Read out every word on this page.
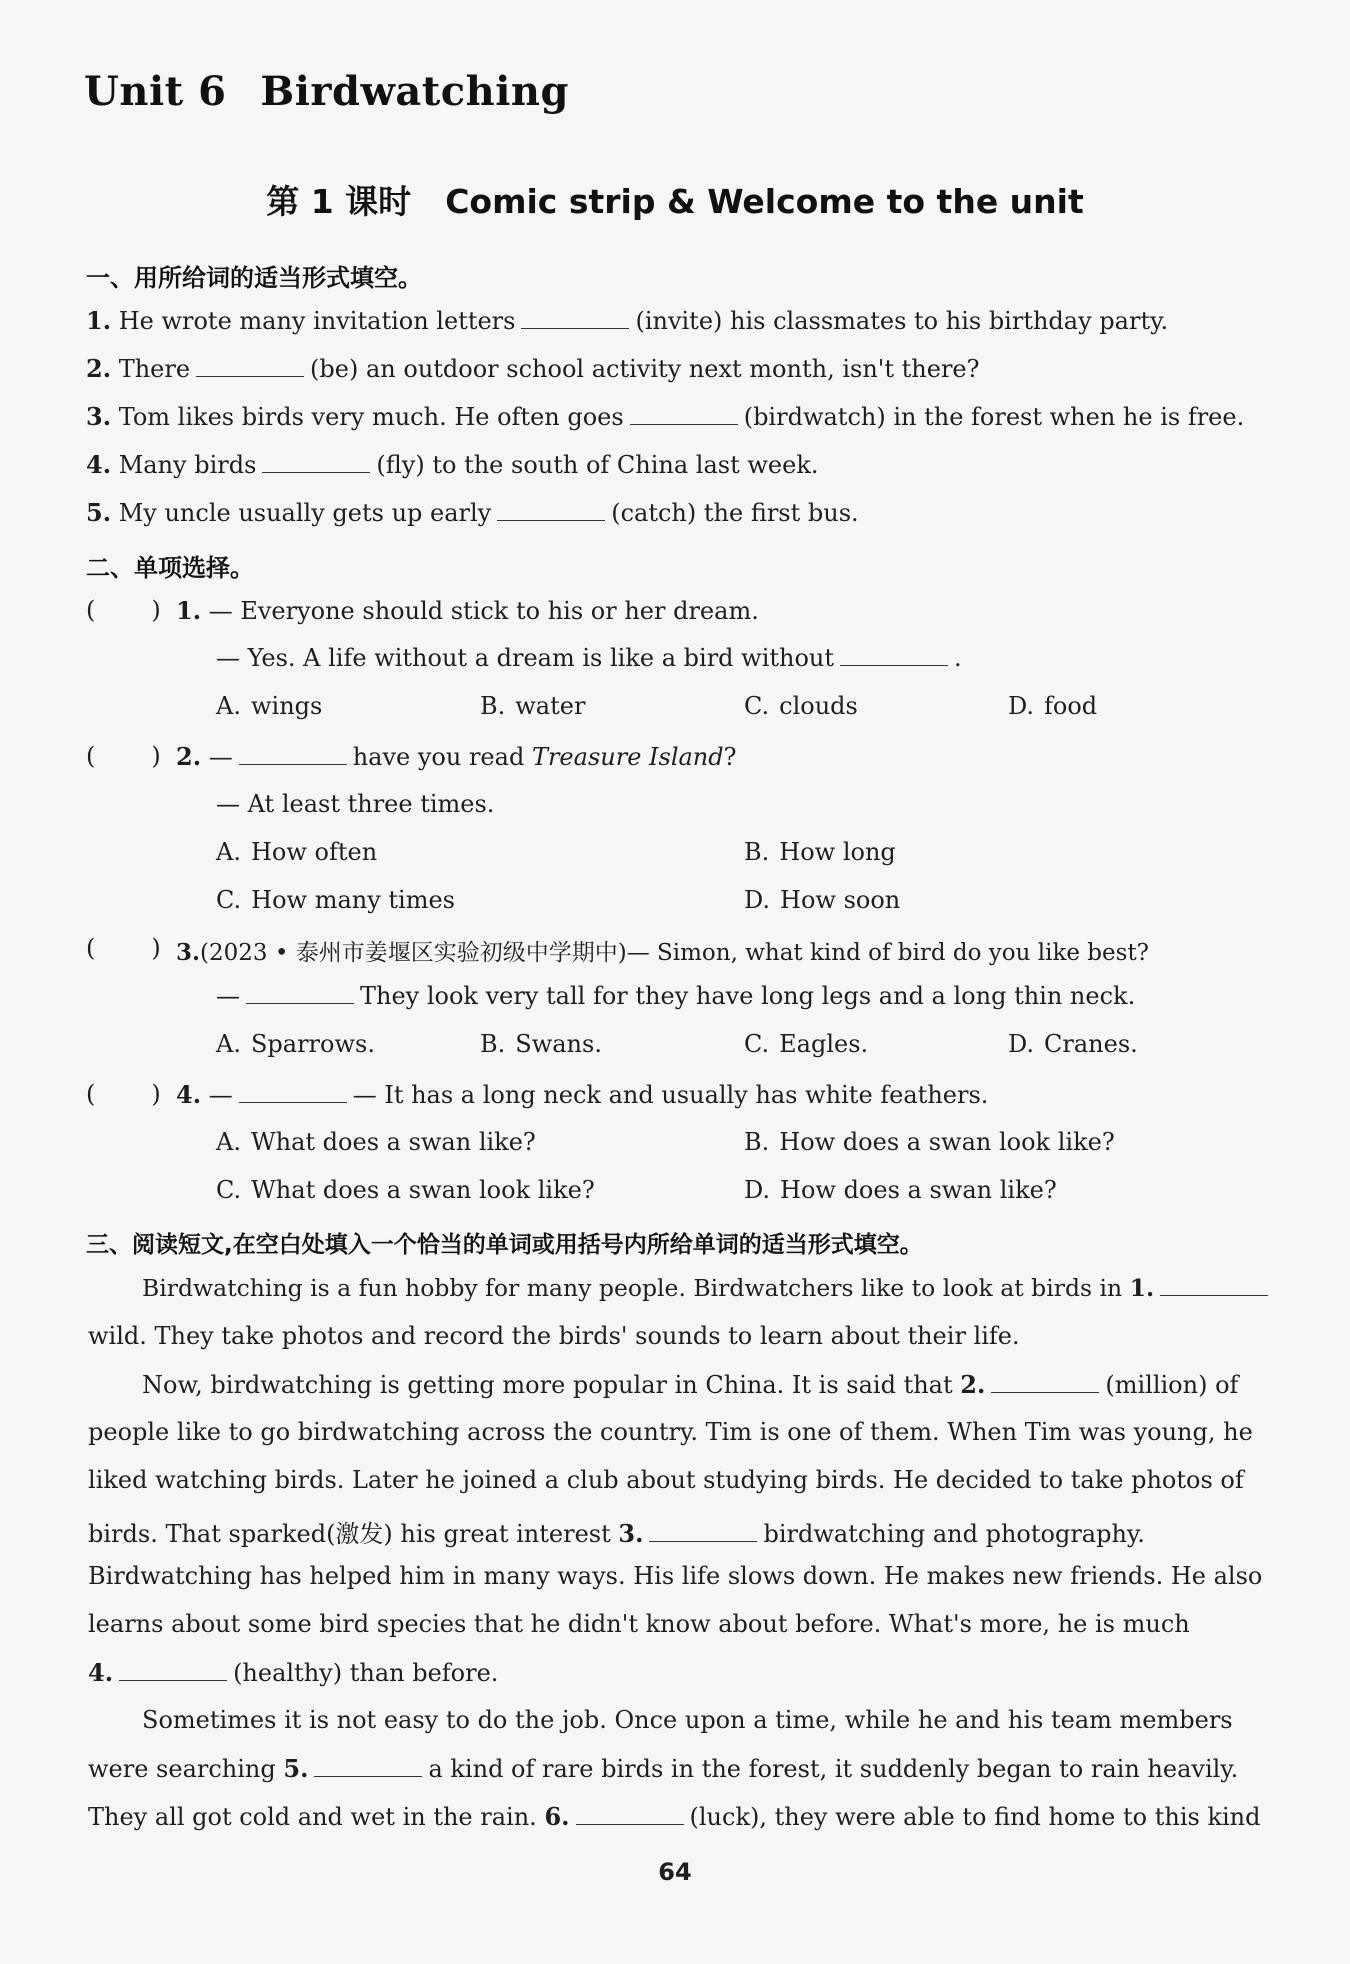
Unit 6 Birdwatching
第 1 课时 Comic strip & Welcome to the unit
一、用所给词的适当形式填空。
1. He wrote many invitation letters	(invite) his classmates to his birthday party.
2. There	(be) an outdoor school activity next month, isn't there?
3. Tom likes birds very much. He often goes	(birdwatch) in the forest when he is free.
4. Many birds	(fly) to the south of China last week.
5. My uncle usually gets up early	(catch) the first bus.
二、单项选择。
( ) 1. — Everyone should stick to his or her dream.
— Yes. A life without a dream is like a bird without	.
A. wings	B. water	C. clouds	D. food
( ) 2. —	have you read Treasure Island?
— At least three times.
A. How often	B. How long
C. How many times	D. How soon
( ) 3.(2023 • 泰州市姜堰区实验初级中学期中)— Simon, what kind of bird do you like best?
—	They look very tall for they have long legs and a long thin neck.
A. Sparrows.	B. Swans.	C. Eagles.	D. Cranes.
( ) 4. —	— It has a long neck and usually has white feathers.
A. What does a swan like?	B. How does a swan look like?
C. What does a swan look like?	D. How does a swan like?
三、阅读短文,在空白处填入一个恰当的单词或用括号内所给单词的适当形式填空。
Birdwatching is a fun hobby for many people. Birdwatchers like to look at birds in 1.
wild. They take photos and record the birds' sounds to learn about their life.
Now, birdwatching is getting more popular in China. It is said that 2.	(million) of
people like to go birdwatching across the country. Tim is one of them. When Tim was young, he
liked watching birds. Later he joined a club about studying birds. He decided to take photos of
birds. That sparked(激发) his great interest 3.	birdwatching and photography.
Birdwatching has helped him in many ways. His life slows down. He makes new friends. He also
learns about some bird species that he didn't know about before. What's more, he is much
4.	(healthy) than before.
Sometimes it is not easy to do the job. Once upon a time, while he and his team members
were searching 5.	a kind of rare birds in the forest, it suddenly began to rain heavily.
They all got cold and wet in the rain. 6.	(luck), they were able to find home to this kind
64
